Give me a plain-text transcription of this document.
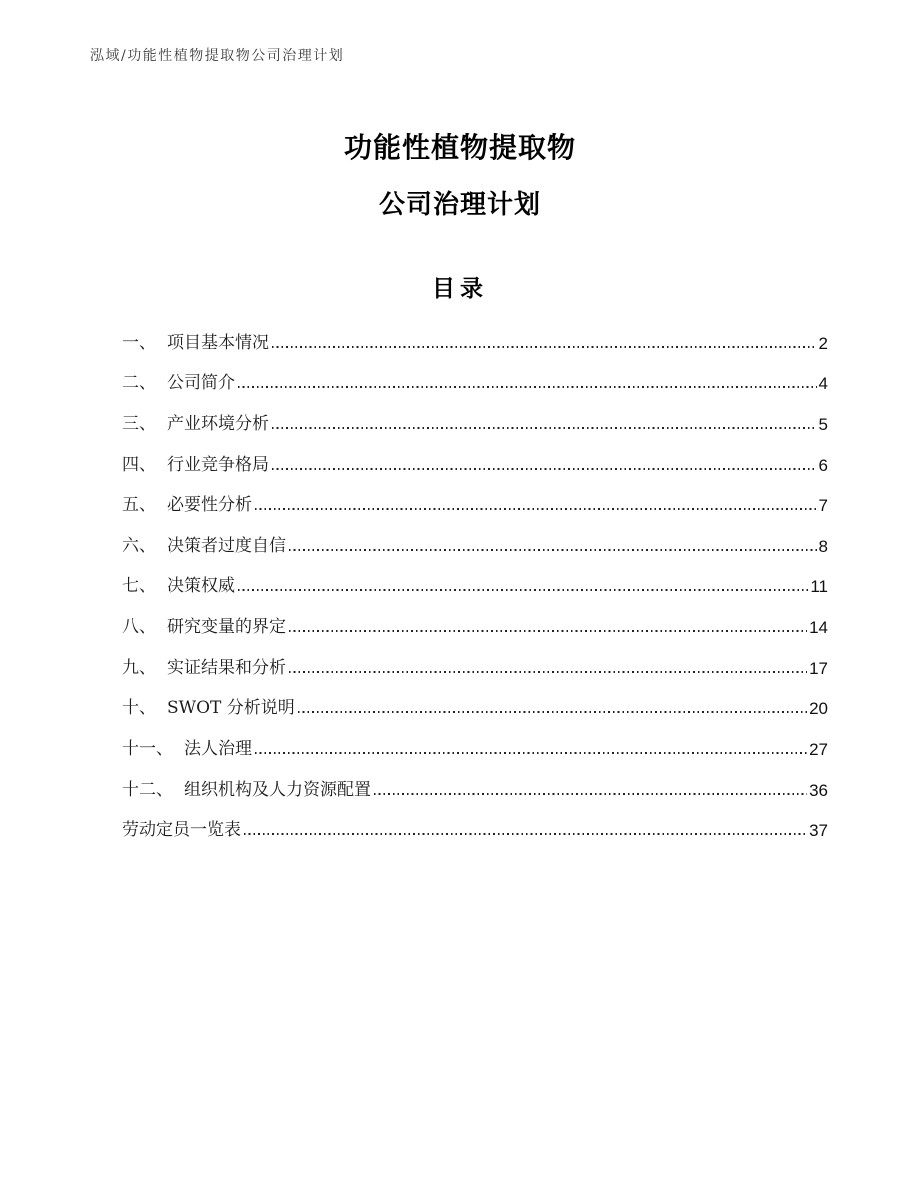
泓域/功能性植物提取物公司治理计划
功能性植物提取物
公司治理计划
目录
一、 项目基本情况	2
二、 公司简介	4
三、 产业环境分析	5
四、 行业竞争格局	6
五、 必要性分析	7
六、 决策者过度自信	8
七、 决策权威	11
八、 研究变量的界定	14
九、 实证结果和分析	17
十、 SWOT 分析说明	20
十一、 法人治理	27
十二、 组织机构及人力资源配置	36
劳动定员一览表	37
